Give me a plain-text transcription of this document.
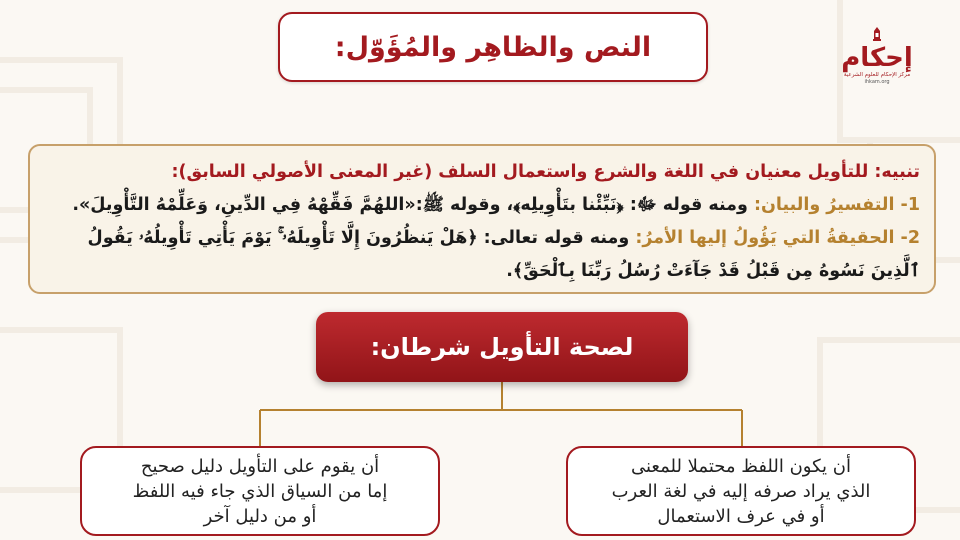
النص والظاهِر والمُؤَوّل:	إحكام
مركز الإحكام للعلوم الشرعية
ihkam.org
تنبيه: للتأويل معنيان في اللغة والشرع واستعمال السلف (غير المعنى الأصولي السابق):
1- التفسيرُ والبيان: ومنه قوله ﷻ: ﴿نَبِّئْنا بتَأْوِيلِه﴾، وقوله ﷺ:«اللهُمَّ فَقِّهْهُ فِي الدِّينِ، وَعَلِّمْهُ التَّأْوِيلَ».
2- الحقيقةُ التي يَؤُولُ إليها الأمرُ: ومنه قوله تعالى: ﴿هَلْ يَنظُرُونَ إِلَّا تَأْوِيلَهُۥ ۚ يَوْمَ يَأْتِي تَأْوِيلُهُۥ يَقُولُ ٱلَّذِينَ نَسُوهُ مِن قَبْلُ قَدْ جَآءَتْ رُسُلُ رَبِّنَا بِٱلْحَقِّ﴾.
لصحة التأويل شرطان:
أن يكون اللفظ محتملا للمعنى
الذي يراد صرفه إليه في لغة العرب
أو في عرف الاستعمال
أن يقوم على التأويل دليل صحيح
إما من السياق الذي جاء فيه اللفظ
أو من دليل آخر
